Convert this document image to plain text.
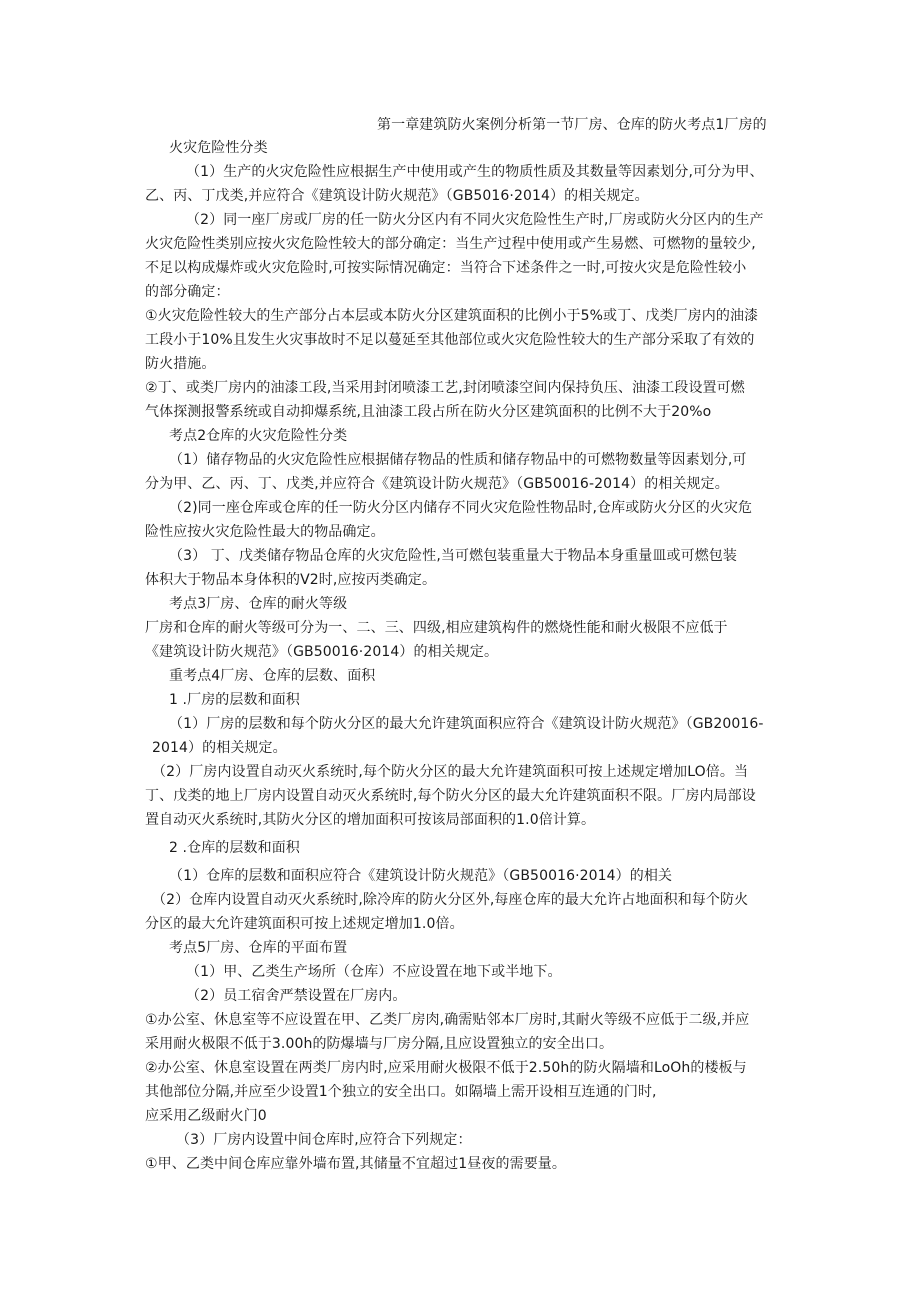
第一章建筑防火案例分析第一节厂房、仓库的防火考点1厂房的
火灾危险性分类
（1）生产的火灾危险性应根据生产中使用或产生的物质性质及其数量等因素划分,可分为甲、
乙、丙、丁戊类,并应符合《建筑设计防火规范》（GB5016·2014）的相关规定。
（2）同一座厂房或厂房的任一防火分区内有不同火灾危险性生产时,厂房或防火分区内的生产
火灾危险性类别应按火灾危险性较大的部分确定：当生产过程中使用或产生易燃、可燃物的量较少,
不足以构成爆炸或火灾危险时,可按实际情况确定：当符合下述条件之一时,可按火灾是危险性较小
的部分确定：
①火灾危险性较大的生产部分占本层或本防火分区建筑面积的比例小于5%或丁、戊类厂房内的油漆
工段小于10%且发生火灾事故时不足以蔓延至其他部位或火灾危险性较大的生产部分采取了有效的
防火措施。
②丁、或类厂房内的油漆工段,当采用封闭喷漆工艺,封闭喷漆空间内保持负压、油漆工段设置可燃
气体探测报警系统或自动抑爆系统,且油漆工段占所在防火分区建筑面积的比例不大于20%o
考点2仓库的火灾危险性分类
（1）储存物品的火灾危险性应根据储存物品的性质和储存物品中的可燃物数量等因素划分,可
分为甲、乙、丙、丁、戊类,并应符合《建筑设计防火规范》（GB50016-2014）的相关规定。
（2)同一座仓库或仓库的任一防火分区内储存不同火灾危险性物品时,仓库或防火分区的火灾危
险性应按火灾危险性最大的物品确定。
（3） 丁、戊类储存物品仓库的火灾危险性,当可燃包装重量大于物品本身重量皿或可燃包装
体积大于物品本身体积的V2时,应按丙类确定。
考点3厂房、仓库的耐火等级
厂房和仓库的耐火等级可分为一、二、三、四级,相应建筑构件的燃烧性能和耐火极限不应低于
《建筑设计防火规范》（GB50016·2014）的相关规定。
重考点4厂房、仓库的层数、面积
1 .厂房的层数和面积
（1）厂房的层数和每个防火分区的最大允许建筑面积应符合《建筑设计防火规范》（GB20016-
2014）的相关规定。
（2）厂房内设置自动灭火系统时,每个防火分区的最大允许建筑面积可按上述规定增加LO倍。当
丁、戊类的地上厂房内设置自动灭火系统时,每个防火分区的最大允许建筑面积不限。厂房内局部设
置自动灭火系统时,其防火分区的增加面积可按该局部面积的1.0倍计算。
2 .仓库的层数和面积
（1）仓库的层数和面积应符合《建筑设计防火规范》（GB50016·2014）的相关
（2）仓库内设置自动灭火系统时,除冷库的防火分区外,每座仓库的最大允许占地面积和每个防火
分区的最大允许建筑面积可按上述规定增加1.0倍。
考点5厂房、仓库的平面布置
（1）甲、乙类生产场所（仓库）不应设置在地下或半地下。
（2）员工宿舍严禁设置在厂房内。
①办公室、休息室等不应设置在甲、乙类厂房肉,确需贴邻本厂房时,其耐火等级不应低于二级,并应
采用耐火极限不低于3.00h的防爆墙与厂房分隔,且应设置独立的安全出口。
②办公室、休息室设置在两类厂房内时,应采用耐火极限不低于2.50h的防火隔墙和LoOh的楼板与
其他部位分隔,并应至少设置1个独立的安全出口。如隔墙上需开设相互连通的门时,
应采用乙级耐火门0
（3）厂房内设置中间仓库时,应符合下列规定：
①甲、乙类中间仓库应靠外墙布置,其储量不宜超过1昼夜的需要量。
